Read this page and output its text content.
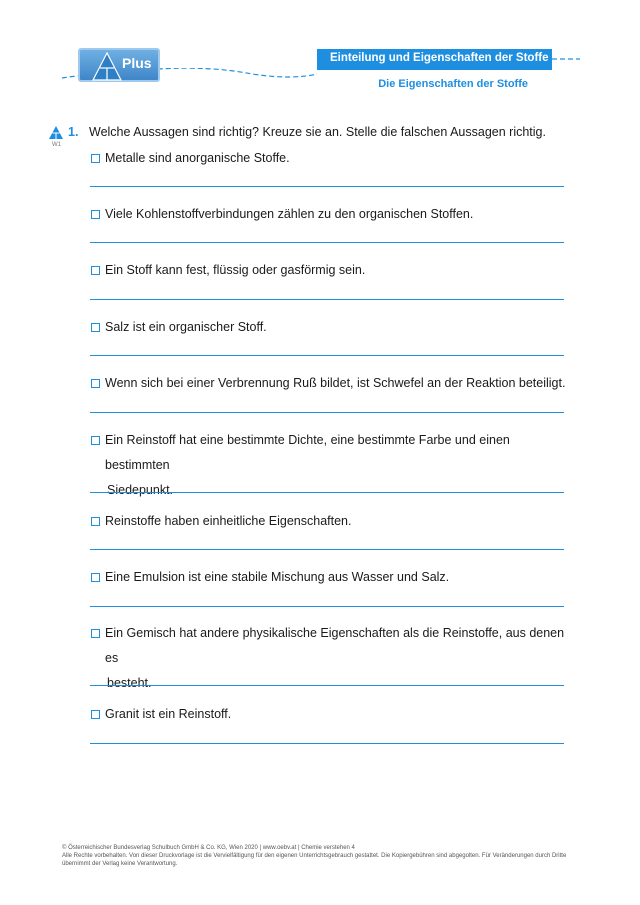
Plus	Einteilung und Eigenschaften der Stoffe
Die Eigenschaften der Stoffe
W1
1. Welche Aussagen sind richtig? Kreuze sie an. Stelle die falschen Aussagen richtig.
Metalle sind anorganische Stoffe.
Viele Kohlenstoffverbindungen zählen zu den organischen Stoffen.
Ein Stoff kann fest, flüssig oder gasförmig sein.
Salz ist ein organischer Stoff.
Wenn sich bei einer Verbrennung Ruß bildet, ist Schwefel an der Reaktion beteiligt.
Ein Reinstoff hat eine bestimmte Dichte, eine bestimmte Farbe und einen bestimmten
Siedepunkt.
Reinstoffe haben einheitliche Eigenschaften.
Eine Emulsion ist eine stabile Mischung aus Wasser und Salz.
Ein Gemisch hat andere physikalische Eigenschaften als die Reinstoffe, aus denen es
besteht.
Granit ist ein Reinstoff.
© Österreichischer Bundesverlag Schulbuch GmbH & Co. KG, Wien 2020 | www.oebv.at | Chemie verstehen 4
Alle Rechte vorbehalten. Von dieser Druckvorlage ist die Vervielfältigung für den eigenen Unterrichtsgebrauch gestattet. Die Kopiergebühren sind abgegolten. Für Veränderungen durch Dritte übernimmt der Verlag keine Verantwortung.
